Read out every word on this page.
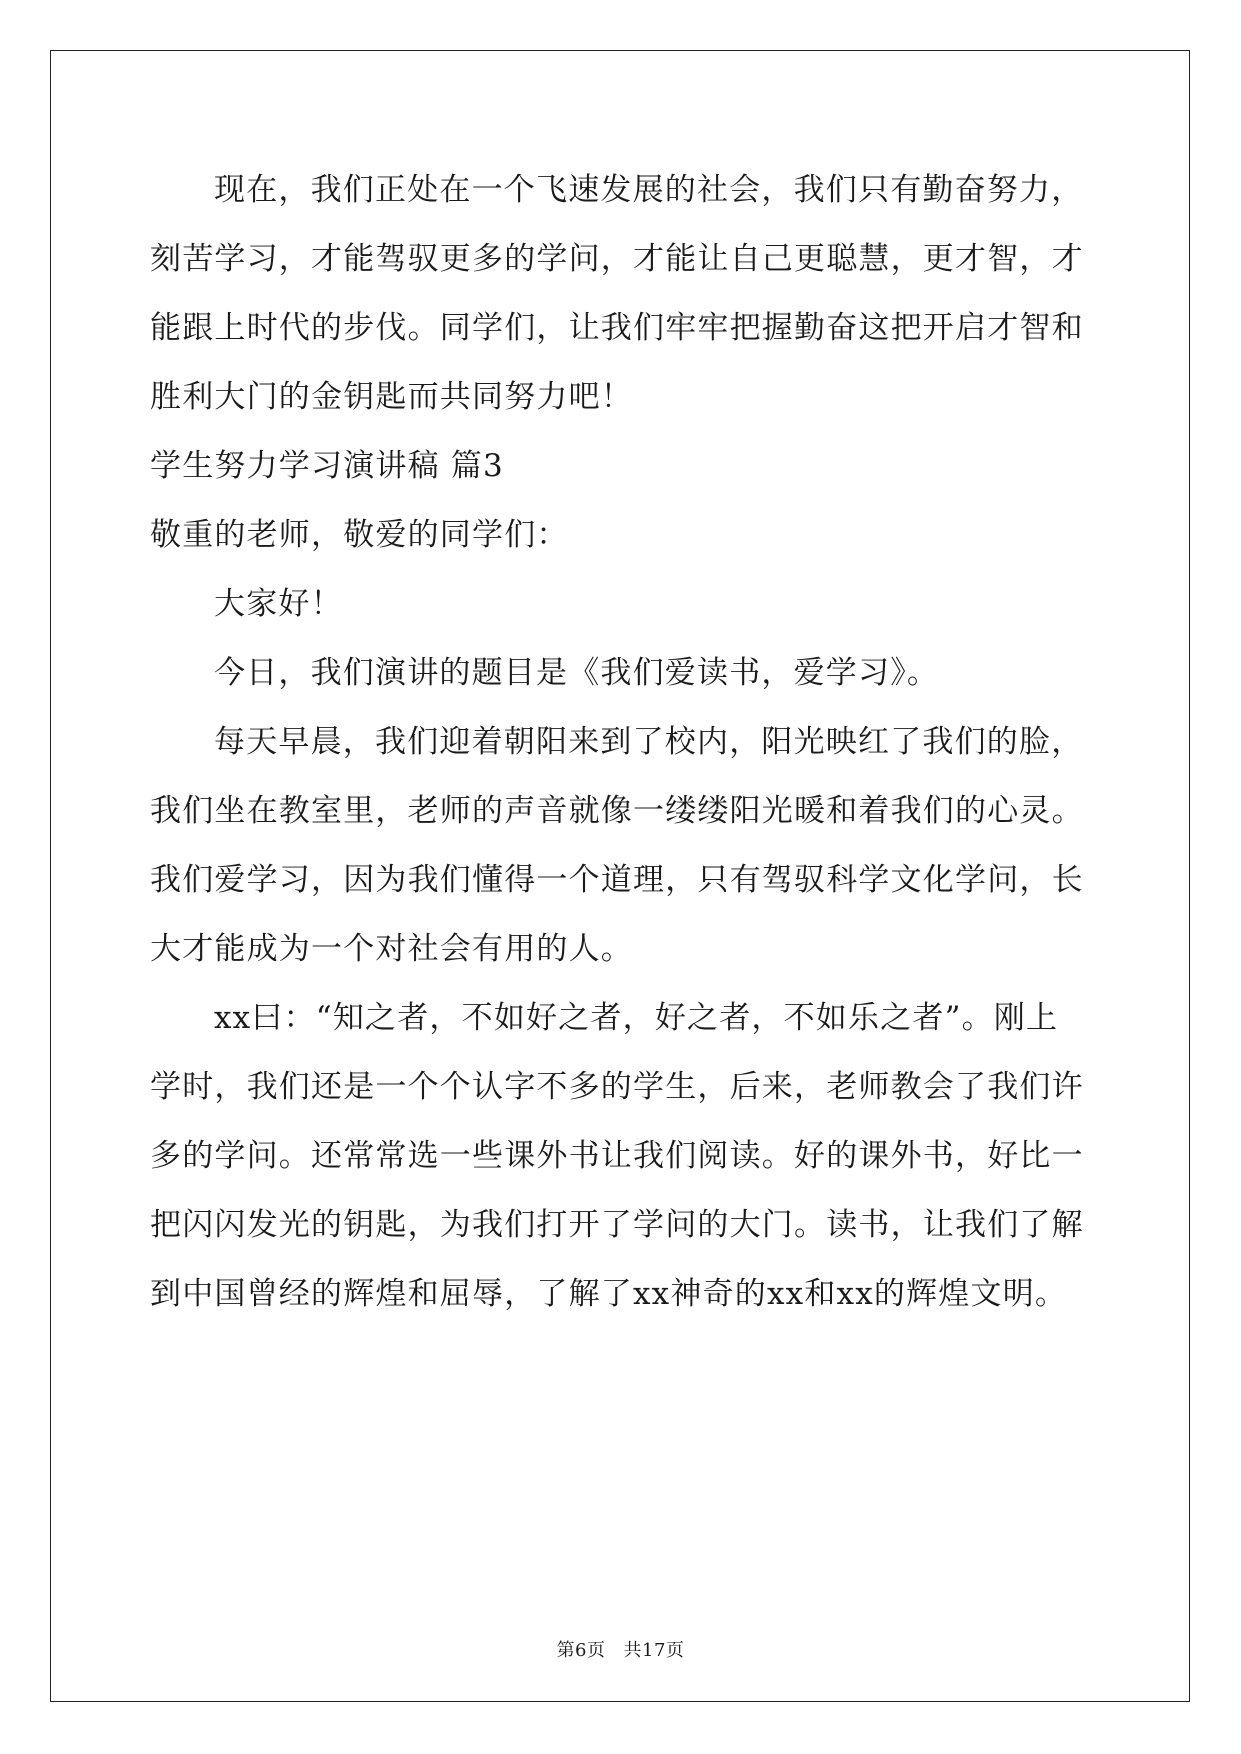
现在，我们正处在一个飞速发展的社会，我们只有勤奋努力，刻苦学习，才能驾驭更多的学问，才能让自己更聪慧，更才智，才能跟上时代的步伐。同学们，让我们牢牢把握勤奋这把开启才智和胜利大门的金钥匙而共同努力吧！

学生努力学习演讲稿 篇3

敬重的老师，敬爱的同学们：

大家好！

今日，我们演讲的题目是《我们爱读书，爱学习》。

每天早晨，我们迎着朝阳来到了校内，阳光映红了我们的脸，我们坐在教室里，老师的声音就像一缕缕阳光暖和着我们的心灵。我们爱学习，因为我们懂得一个道理，只有驾驭科学文化学问，长大才能成为一个对社会有用的人。

xx曰：“知之者，不如好之者，好之者，不如乐之者”。刚上学时，我们还是一个个认字不多的学生，后来，老师教会了我们许多的学问。还常常选一些课外书让我们阅读。好的课外书，好比一把闪闪发光的钥匙，为我们打开了学问的大门。读书，让我们了解到中国曾经的辉煌和屈辱，了解了xx神奇的xx和xx的辉煌文明。

第6页 共17页
